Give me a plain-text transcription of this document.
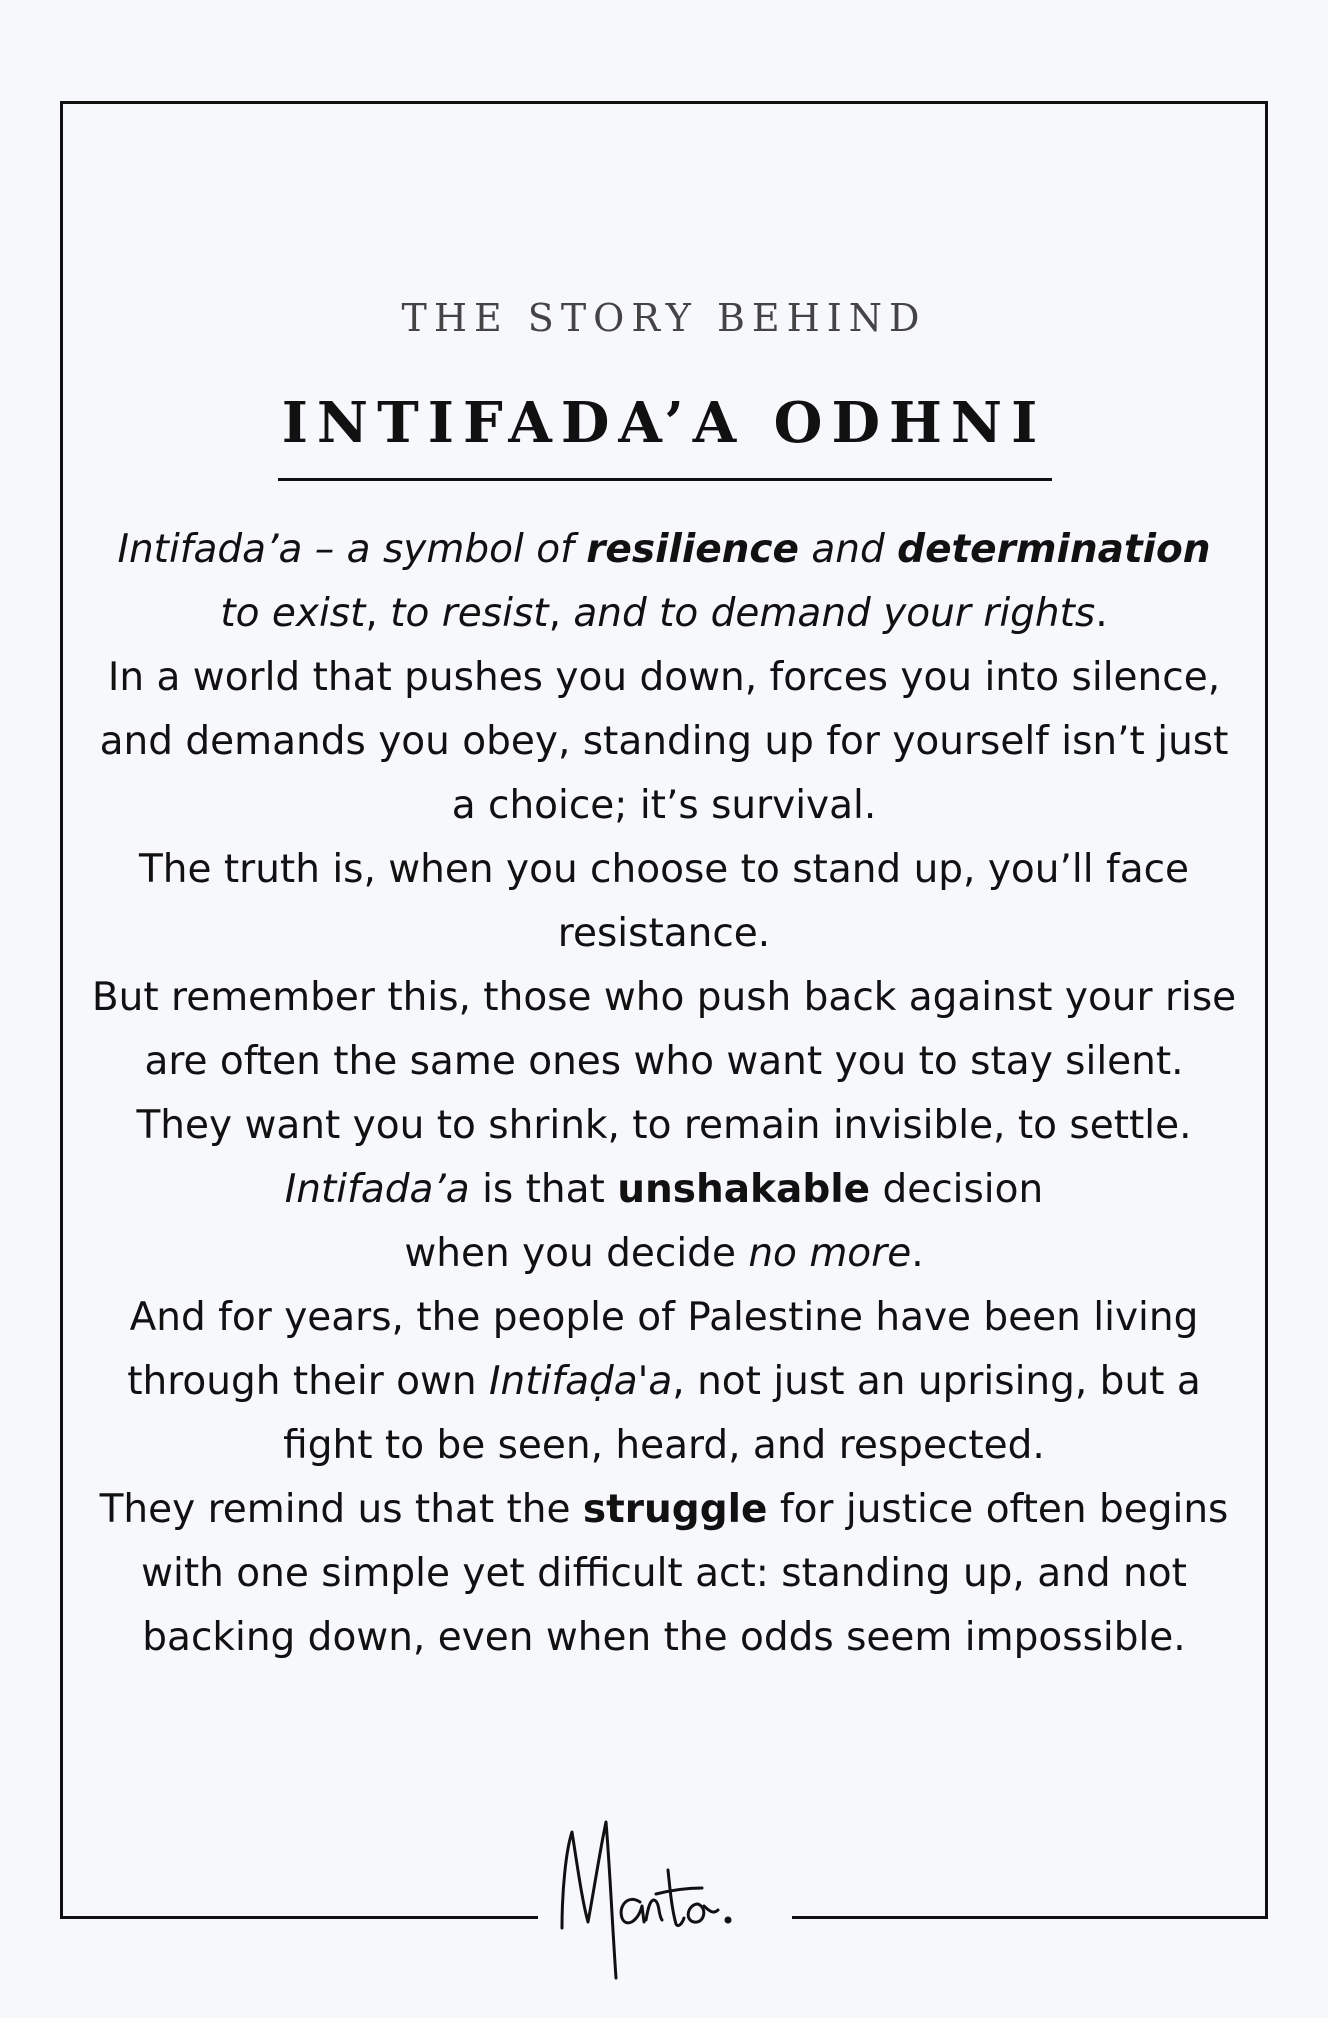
THE STORY BEHIND
INTIFADA’A ODHNI

Intifada’a – a symbol of resilience and determination

to exist, to resist, and to demand your rights.

In a world that pushes you down, forces you into silence, and demands you obey, standing up for yourself isn’t just a choice; it’s survival.

The truth is, when you choose to stand up, you’ll face resistance.

But remember this, those who push back against your rise are often the same ones who want you to stay silent.

They want you to shrink, to remain invisible, to settle.

Intifada’a is that unshakable decision

when you decide no more.

And for years, the people of Palestine have been living through their own Intifaḍa'a, not just an uprising, but a fight to be seen, heard, and respected.

They remind us that the struggle for justice often begins with one simple yet difficult act: standing up, and not backing down, even when the odds seem impossible.
